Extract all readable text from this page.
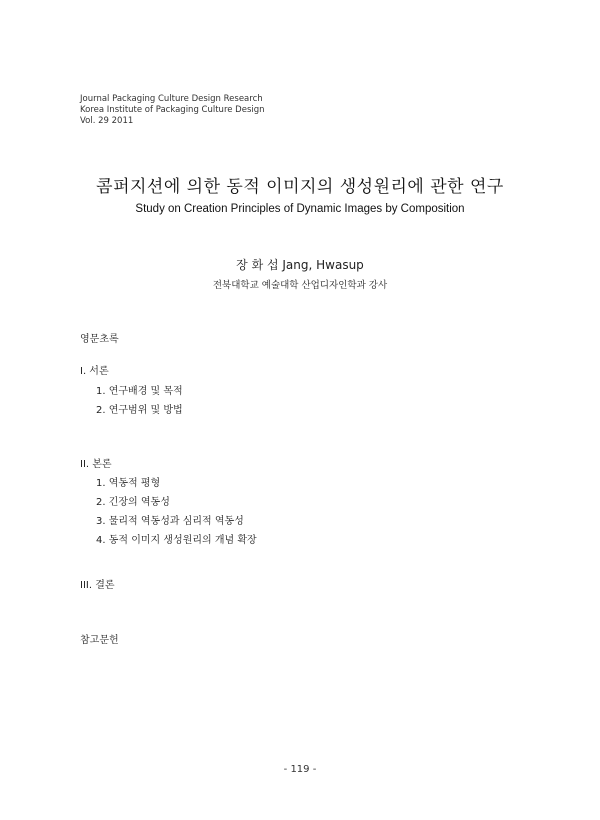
Journal Packaging Culture Design Research
Korea Institute of Packaging Culture Design
Vol. 29 2011
콤퍼지션에 의한 동적 이미지의 생성원리에 관한 연구
Study on Creation Principles of Dynamic Images by Composition
장 화 섭 Jang, Hwasup
전북대학교 예술대학 산업디자인학과 강사
영문초록
Ⅰ. 서론
1. 연구배경 및 목적
2. 연구범위 및 방법
II. 본론
1. 역동적 평형
2. 긴장의 역동성
3. 물리적 역동성과 심리적 역동성
4. 동적 이미지 생성원리의 개념 확장
III. 결론
참고문헌
- 119 -
